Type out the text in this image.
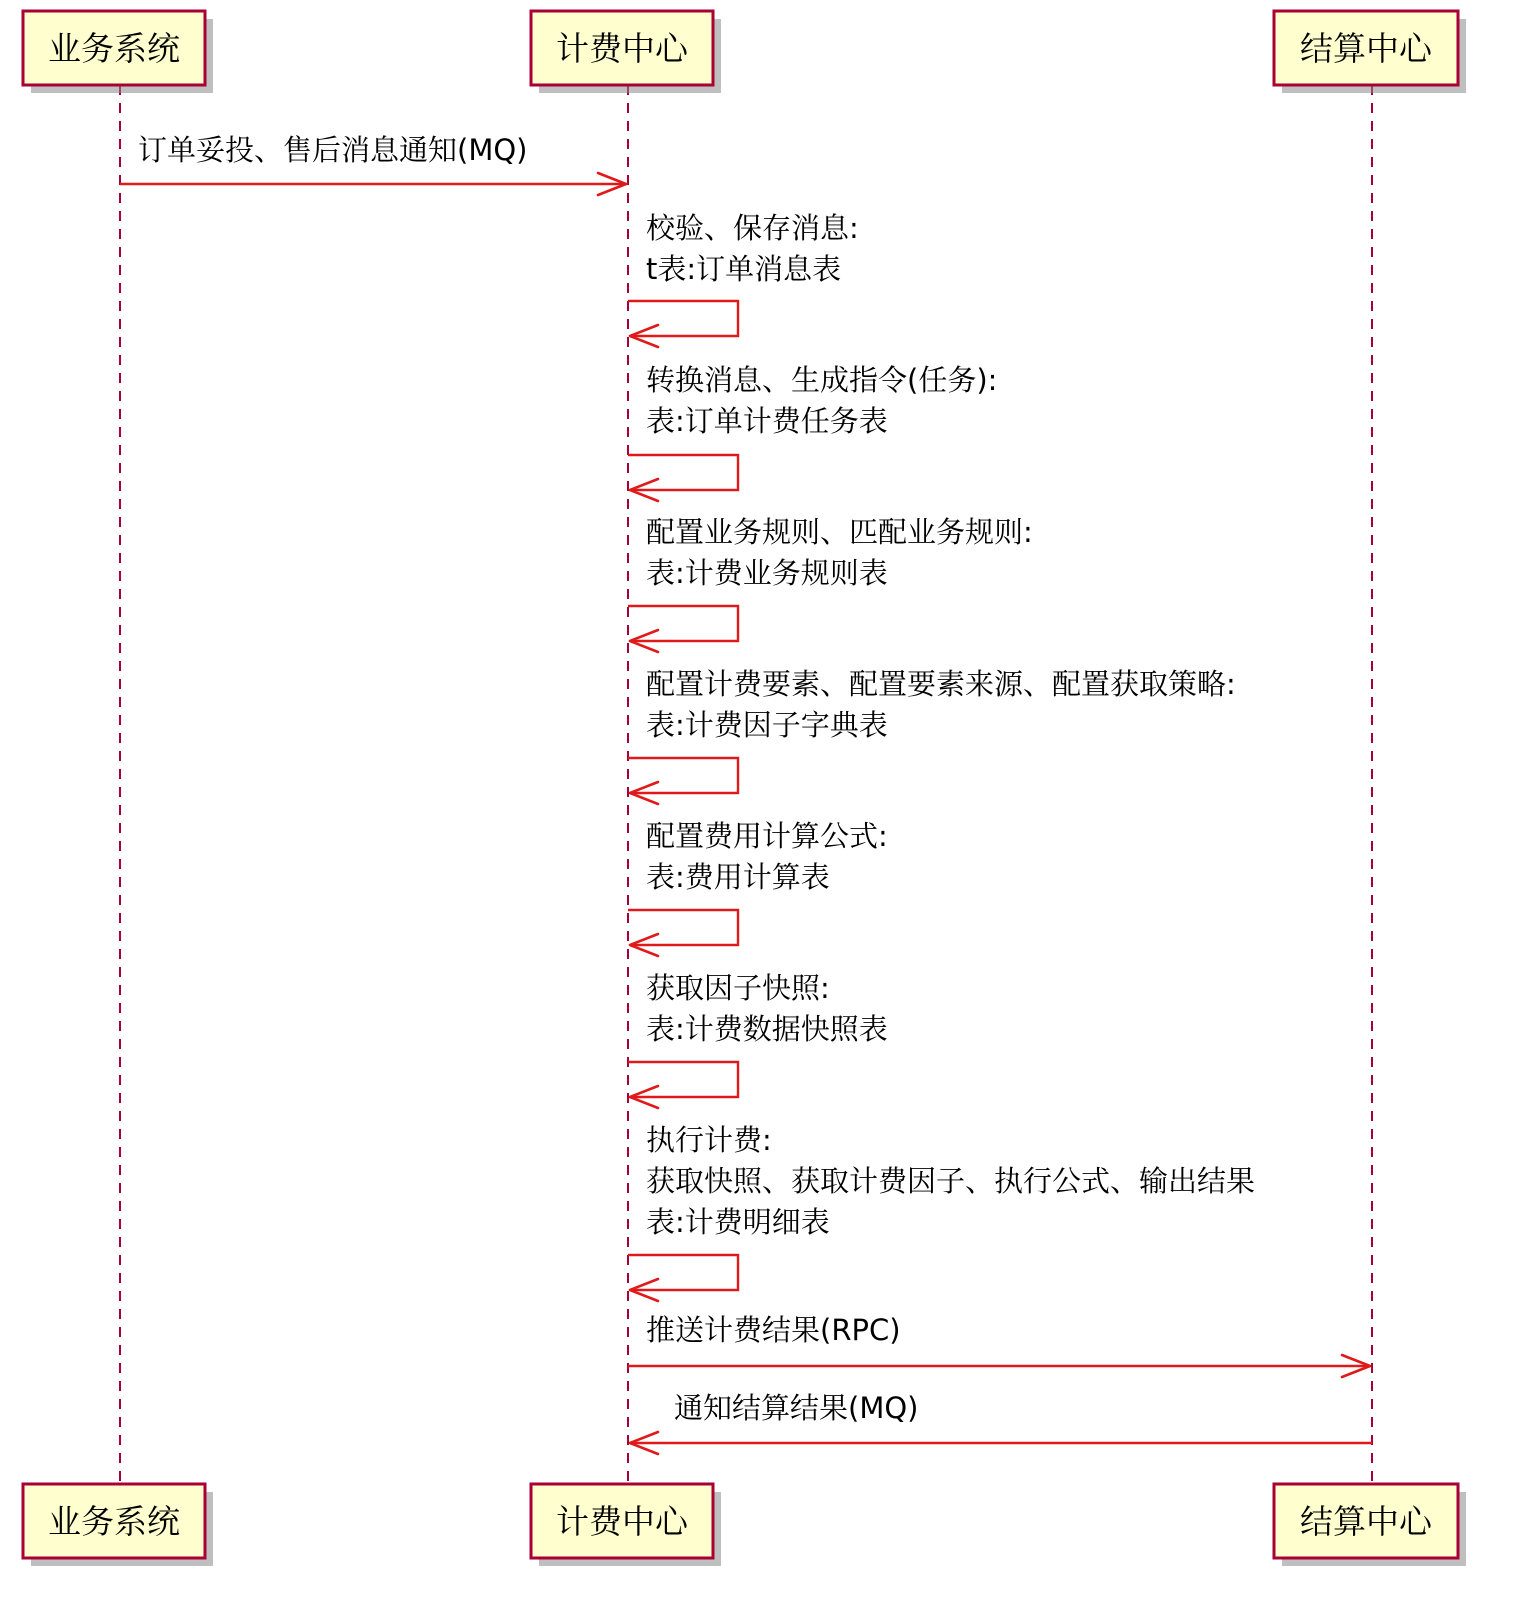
业务系统	计费中心	结算中心
业务系统	计费中心	结算中心
订单妥投、售后消息通知(MQ)
校验、保存消息:
t表:订单消息表
转换消息、生成指令(任务):
表:订单计费任务表
配置业务规则、匹配业务规则:
表:计费业务规则表
配置计费要素、配置要素来源、配置获取策略:
表:计费因子字典表
配置费用计算公式:
表:费用计算表
获取因子快照:
表:计费数据快照表
执行计费:
获取快照、获取计费因子、执行公式、输出结果
表:计费明细表
推送计费结果(RPC)
通知结算结果(MQ)
